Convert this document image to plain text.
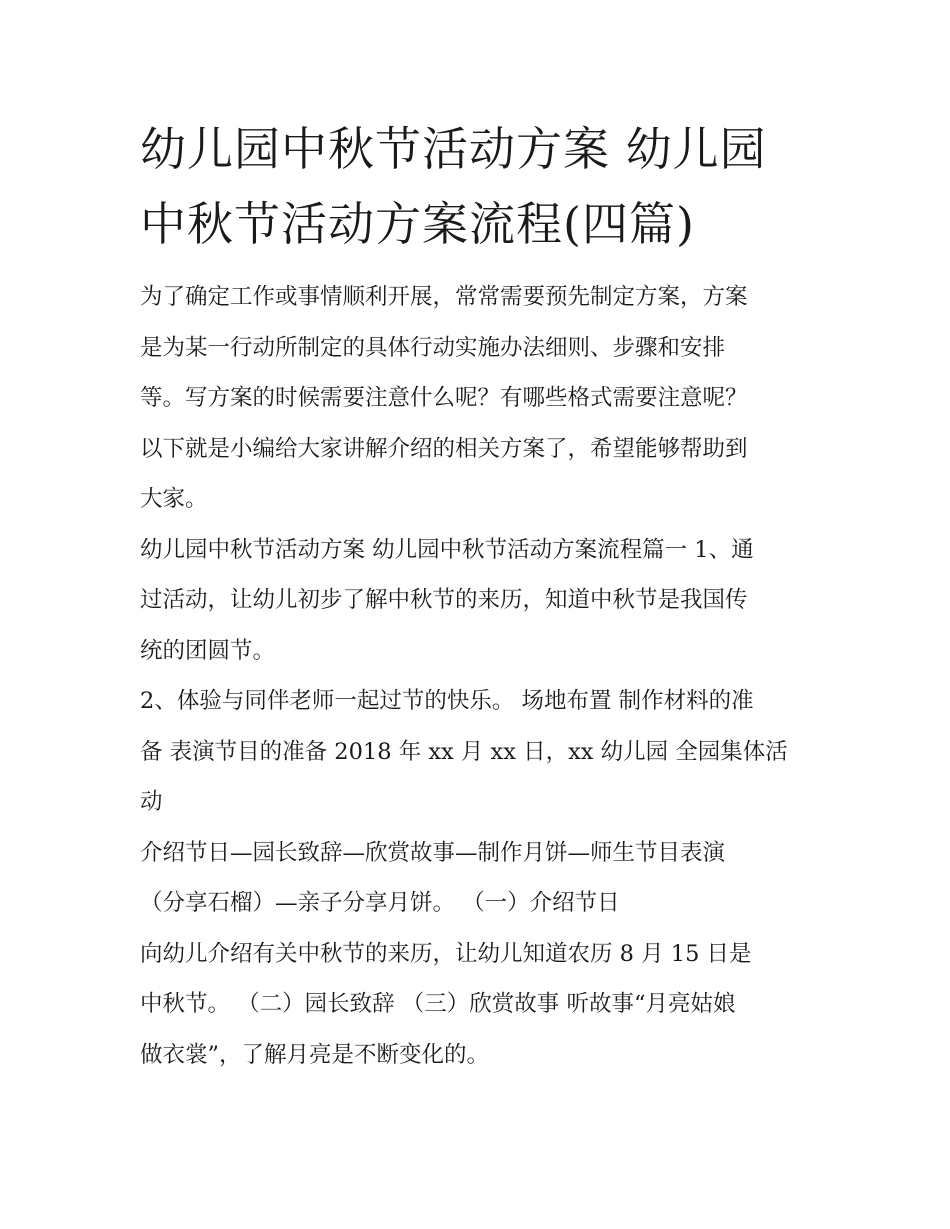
幼儿园中秋节活动方案 幼儿园
中秋节活动方案流程(四篇)

为了确定工作或事情顺利开展，常常需要预先制定方案，方案
是为某一行动所制定的具体行动实施办法细则、步骤和安排
等。写方案的时候需要注意什么呢？有哪些格式需要注意呢？
以下就是小编给大家讲解介绍的相关方案了，希望能够帮助到
大家。

幼儿园中秋节活动方案 幼儿园中秋节活动方案流程篇一 1、通
过活动，让幼儿初步了解中秋节的来历，知道中秋节是我国传
统的团圆节。

2、体验与同伴老师一起过节的快乐。 场地布置 制作材料的准
备 表演节目的准备 2018 年 xx 月 xx 日，xx 幼儿园 全园集体活
动

介绍节日—园长致辞—欣赏故事—制作月饼—师生节目表演
（分享石榴）—亲子分享月饼。 （一）介绍节日

向幼儿介绍有关中秋节的来历，让幼儿知道农历 8 月 15 日是
中秋节。 （二）园长致辞 （三）欣赏故事 听故事“月亮姑娘
做衣裳”，了解月亮是不断变化的。
